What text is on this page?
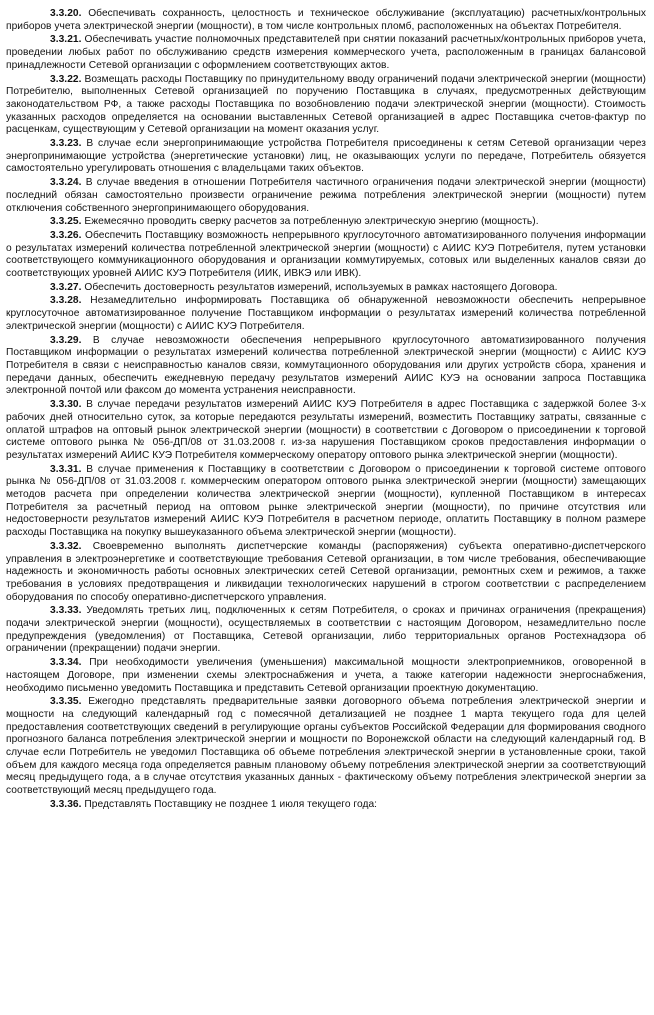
3.3.20. Обеспечивать сохранность, целостность и техническое обслуживание (эксплуатацию) расчетных/контрольных приборов учета электрической энергии (мощности), в том числе контрольных пломб, расположенных на объектах Потребителя.

3.3.21. Обеспечивать участие полномочных представителей при снятии показаний расчетных/контрольных приборов учета, проведении любых работ по обслуживанию средств измерения коммерческого учета, расположенным в границах балансовой принадлежности Сетевой организации с оформлением соответствующих актов.

3.3.22. Возмещать расходы Поставщику по принудительному вводу ограничений подачи электрической энергии (мощности) Потребителю, выполненных Сетевой организацией по поручению Поставщика в случаях, предусмотренных действующим законодательством РФ, а также расходы Поставщика по возобновлению подачи электрической энергии (мощности). Стоимость указанных расходов определяется на основании выставленных Сетевой организацией в адрес Поставщика счетов-фактур по расценкам, существующим у Сетевой организации на момент оказания услуг.

3.3.23. В случае если энергопринимающие устройства Потребителя присоединены к сетям Сетевой организации через энергопринимающие устройства (энергетические установки) лиц, не оказывающих услуги по передаче, Потребитель обязуется самостоятельно урегулировать отношения с владельцами таких объектов.

3.3.24. В случае введения в отношении Потребителя частичного ограничения подачи электрической энергии (мощности) последний обязан самостоятельно произвести ограничение режима потребления электрической энергии (мощности) путем отключения собственного энергопринимающего оборудования.

3.3.25. Ежемесячно проводить сверку расчетов за потребленную электрическую энергию (мощность).

3.3.26. Обеспечить Поставщику возможность непрерывного круглосуточного автоматизированного получения информации о результатах измерений количества потребленной электрической энергии (мощности) с АИИС КУЭ Потребителя, путем установки соответствующего коммуникационного оборудования и организации коммутируемых, сотовых или выделенных каналов связи до соответствующих уровней АИИС КУЭ Потребителя (ИИК, ИВКЭ или ИВК).

3.3.27. Обеспечить достоверность результатов измерений, используемых в рамках настоящего Договора.

3.3.28. Незамедлительно информировать Поставщика об обнаруженной невозможности обеспечить непрерывное круглосуточное автоматизированное получение Поставщиком информации о результатах измерений количества потребленной электрической энергии (мощности) с АИИС КУЭ Потребителя.

3.3.29. В случае невозможности обеспечения непрерывного круглосуточного автоматизированного получения Поставщиком информации о результатах измерений количества потребленной электрической энергии (мощности) с АИИС КУЭ Потребителя в связи с неисправностью каналов связи, коммутационного оборудования или других устройств сбора, хранения и передачи данных, обеспечить ежедневную передачу результатов измерений АИИС КУЭ на основании запроса Поставщика электронной почтой или факсом до момента устранения неисправности.

3.3.30. В случае передачи результатов измерений АИИС КУЭ Потребителя в адрес Поставщика с задержкой более 3-х рабочих дней относительно суток, за которые передаются результаты измерений, возместить Поставщику затраты, связанные с оплатой штрафов на оптовый рынок электрической энергии (мощности) в соответствии с Договором о присоединении к торговой системе оптового рынка № 056-ДП/08 от 31.03.2008 г. из-за нарушения Поставщиком сроков предоставления информации о результатах измерений АИИС КУЭ Потребителя коммерческому оператору оптового рынка электрической энергии (мощности).

3.3.31. В случае применения к Поставщику в соответствии с Договором о присоединении к торговой системе оптового рынка № 056-ДП/08 от 31.03.2008 г. коммерческим оператором оптового рынка электрической энергии (мощности) замещающих методов расчета при определении количества электрической энергии (мощности), купленной Поставщиком в интересах Потребителя за расчетный период на оптовом рынке электрической энергии (мощности), по причине отсутствия или недостоверности результатов измерений АИИС КУЭ Потребителя в расчетном периоде, оплатить Поставщику в полном размере расходы Поставщика на покупку вышеуказанного объема электрической энергии (мощности).

3.3.32. Своевременно выполнять диспетчерские команды (распоряжения) субъекта оперативно-диспетчерского управления в электроэнергетике и соответствующие требования Сетевой организации, в том числе требования, обеспечивающие надежность и экономичность работы основных электрических сетей Сетевой организации, ремонтных схем и режимов, а также требования в условиях предотвращения и ликвидации технологических нарушений в строгом соответствии с распределением оборудования по способу оперативно-диспетчерского управления.

3.3.33. Уведомлять третьих лиц, подключенных к сетям Потребителя, о сроках и причинах ограничения (прекращения) подачи электрической энергии (мощности), осуществляемых в соответствии с настоящим Договором, незамедлительно после предупреждения (уведомления) от Поставщика, Сетевой организации, либо территориальных органов Ростехнадзора об ограничении (прекращении) подачи энергии.

3.3.34. При необходимости увеличения (уменьшения) максимальной мощности электроприемников, оговоренной в настоящем Договоре, при изменении схемы электроснабжения и учета, а также категории надежности энергоснабжения, необходимо письменно уведомить Поставщика и представить Сетевой организации проектную документацию.

3.3.35. Ежегодно представлять предварительные заявки договорного объема потребления электрической энергии и мощности на следующий календарный год с помесячной детализацией не позднее 1 марта текущего года для целей предоставления соответствующих сведений в регулирующие органы субъектов Российской Федерации для формирования сводного прогнозного баланса потребления электрической энергии и мощности по Воронежской области на следующий календарный год. В случае если Потребитель не уведомил Поставщика об объеме потребления электрической энергии в установленные сроки, такой объем для каждого месяца года определяется равным плановому объему потребления электрической энергии за соответствующий месяц предыдущего года, а в случае отсутствия указанных данных - фактическому объему потребления электрической энергии за соответствующий месяц предыдущего года.

3.3.36. Представлять Поставщику не позднее 1 июля текущего года:
